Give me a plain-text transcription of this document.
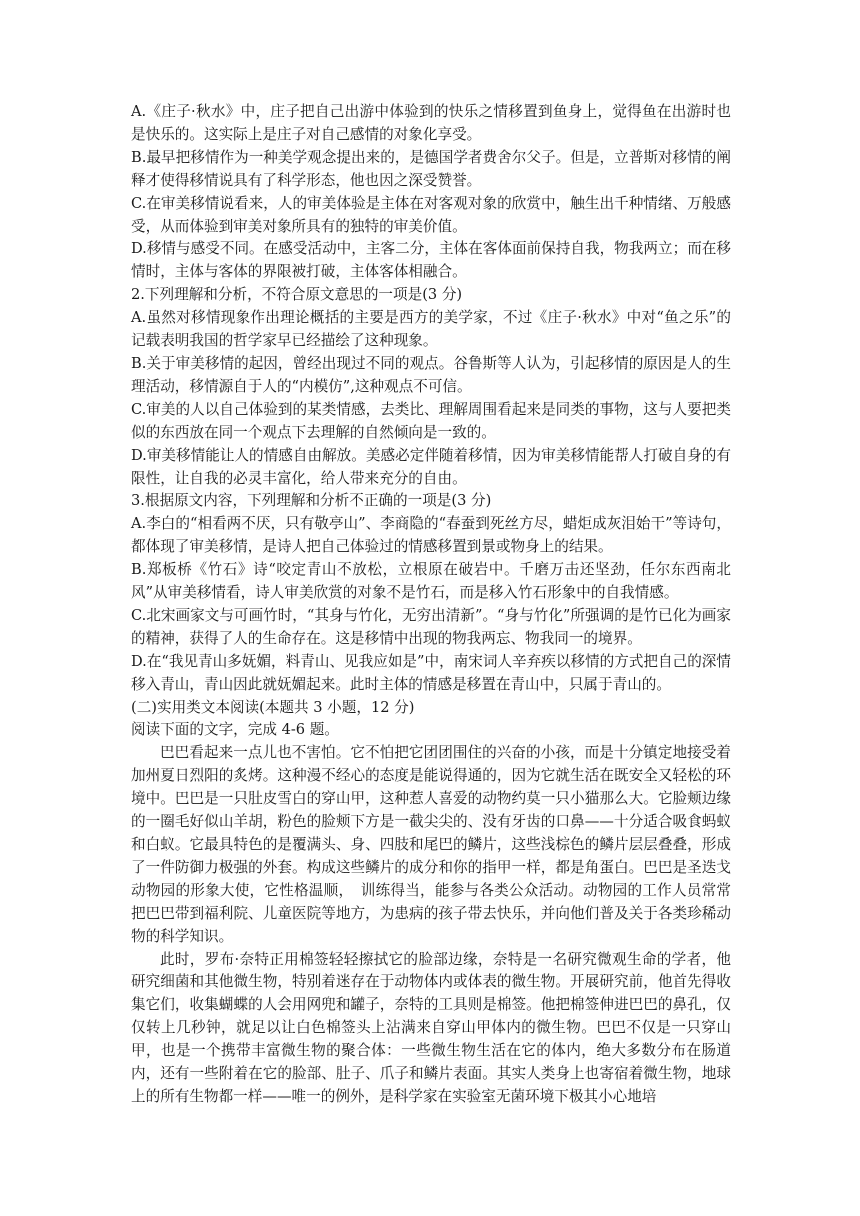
A.《庄子·秋水》中，庄子把自己出游中体验到的快乐之情移置到鱼身上，觉得鱼在出游时也是快乐的。这实际上是庄子对自己感情的对象化享受。

B.最早把移情作为一种美学观念提出来的，是德国学者费舍尔父子。但是，立普斯对移情的阐释才使得移情说具有了科学形态，他也因之深受赞誉。

C.在审美移情说看来，人的审美体验是主体在对客观对象的欣赏中，触生出千种情绪、万般感受，从而体验到审美对象所具有的独特的审美价值。

D.移情与感受不同。在感受活动中，主客二分，主体在客体面前保持自我，物我两立；而在移情时，主体与客体的界限被打破，主体客体相融合。

2.下列理解和分析，不符合原文意思的一项是(3 分)

A.虽然对移情现象作出理论概括的主要是西方的美学家，不过《庄子·秋水》中对“鱼之乐”的记载表明我国的哲学家早已经描绘了这种现象。

B.关于审美移情的起因，曾经出现过不同的观点。谷鲁斯等人认为，引起移情的原因是人的生理活动，移情源自于人的“内模仿”,这种观点不可信。

C.审美的人以自己体验到的某类情感，去类比、理解周围看起来是同类的事物，这与人要把类似的东西放在同一个观点下去理解的自然倾向是一致的。

D.审美移情能让人的情感自由解放。美感必定伴随着移情，因为审美移情能帮人打破自身的有限性，让自我的必灵丰富化，给人带来充分的自由。

3.根据原文内容，下列理解和分析不正确的一项是(3 分)

A.李白的“相看两不厌，只有敬亭山”、李商隐的“春蚕到死丝方尽，蜡炬成灰泪始干”等诗句，都体现了审美移情，是诗人把自己体验过的情感移置到景或物身上的结果。

B.郑板桥《竹石》诗“咬定青山不放松，立根原在破岩中。千磨万击还坚劲，任尔东西南北风”从审美移情看，诗人审美欣赏的对象不是竹石，而是移入竹石形象中的自我情感。

C.北宋画家文与可画竹时，“其身与竹化，无穷出清新”。“身与竹化”所强调的是竹已化为画家的精神，获得了人的生命存在。这是移情中出现的物我两忘、物我同一的境界。

D.在“我见青山多妩媚，料青山、见我应如是”中，南宋词人辛弃疾以移情的方式把自己的深情移入青山，青山因此就妩媚起来。此时主体的情感是移置在青山中，只属于青山的。

(二)实用类文本阅读(本题共 3 小题，12 分)

阅读下面的文字，完成 4-6 题。

巴巴看起来一点儿也不害怕。它不怕把它团团围住的兴奋的小孩，而是十分镇定地接受着加州夏日烈阳的炙烤。这种漫不经心的态度是能说得通的，因为它就生活在既安全又轻松的环境中。巴巴是一只肚皮雪白的穿山甲，这种惹人喜爱的动物约莫一只小猫那么大。它脸颊边缘的一圈毛好似山羊胡，粉色的脸颊下方是一截尖尖的、没有牙齿的口鼻——十分适合吸食蚂蚁和白蚁。它最具特色的是覆满头、身、四肢和尾巴的鳞片，这些浅棕色的鳞片层层叠叠，形成了一件防御力极强的外套。构成这些鳞片的成分和你的指甲一样，都是角蛋白。巴巴是圣迭戈动物园的形象大使，它性格温顺，　训练得当，能参与各类公众活动。动物园的工作人员常常把巴巴带到福利院、儿童医院等地方，为患病的孩子带去快乐，并向他们普及关于各类珍稀动物的科学知识。

此时，罗布·奈特正用棉签轻轻擦拭它的脸部边缘，奈特是一名研究微观生命的学者，他研究细菌和其他微生物，特别着迷存在于动物体内或体表的微生物。开展研究前，他首先得收集它们，收集蝴蝶的人会用网兜和罐子，奈特的工具则是棉签。他把棉签伸进巴巴的鼻孔，仅仅转上几秒钟，就足以让白色棉签头上沾满来自穿山甲体内的微生物。巴巴不仅是一只穿山甲，也是一个携带丰富微生物的聚合体：一些微生物生活在它的体内，绝大多数分布在肠道内，还有一些附着在它的脸部、肚子、爪子和鳞片表面。其实人类身上也寄宿着微生物，地球上的所有生物都一样——唯一的例外，是科学家在实验室无菌环境下极其小心地培
